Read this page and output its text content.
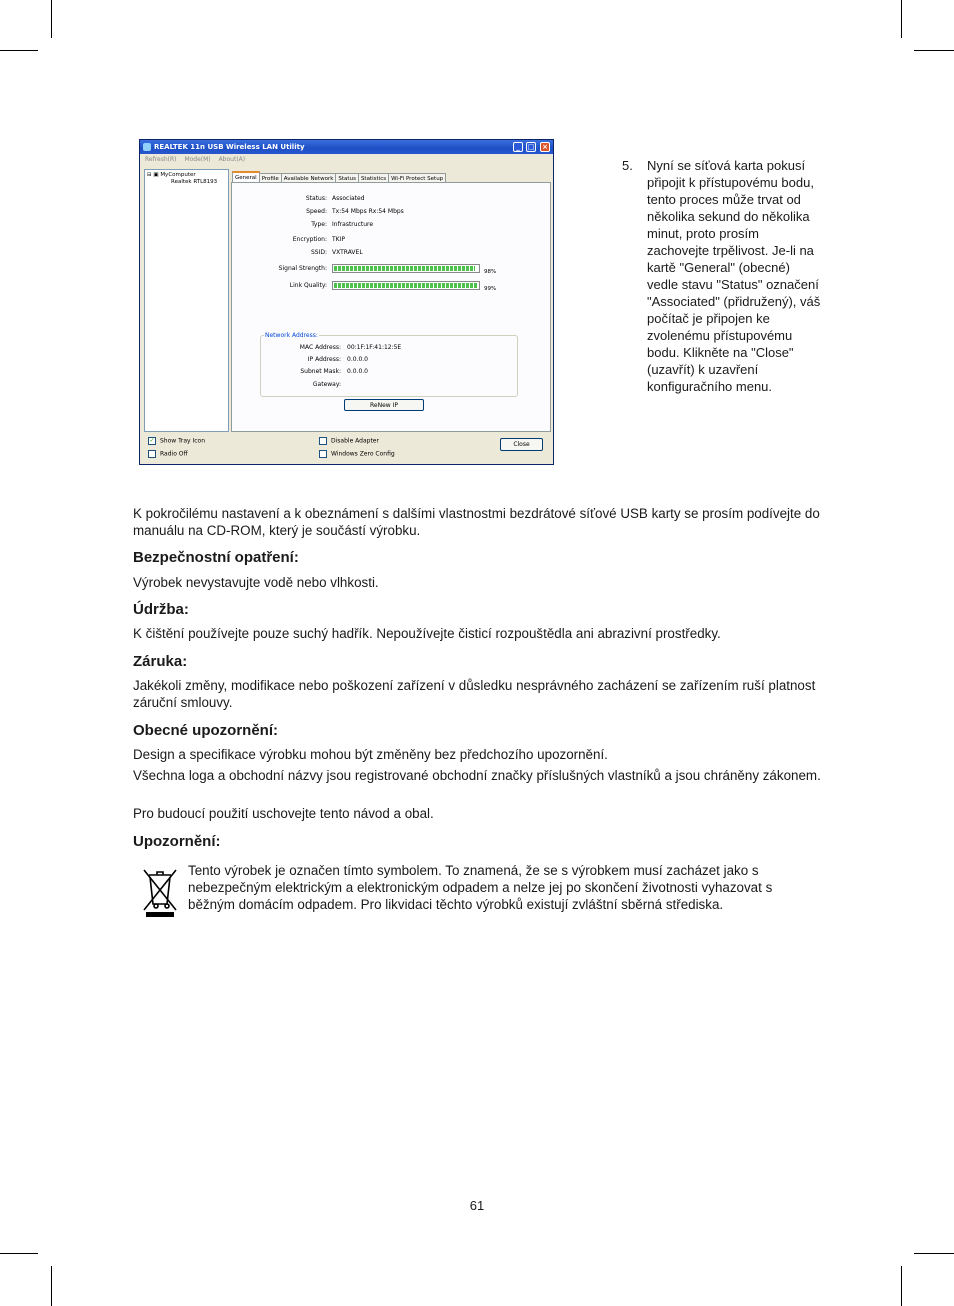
REALTEK 11n USB Wireless LAN Utility	_	□ ×
Refresh(R) Mode(M) About(A)
⊟ ▣ MyComputer
Realtek RTL8193
General Profile Available Network Status Statistics Wi-Fi Protect Setup
Status: Associated
Speed: Tx:54 Mbps Rx:54 Mbps
Type: Infrastructure
Encryption: TKIP
SSID: VXTRAVEL
Signal Strength:	98%
Link Quality:	99%
Network Address:
MAC Address: 00:1F:1F:41:12:5E
IP Address: 0.0.0.0
Subnet Mask: 0.0.0.0
Gateway:
ReNew IP
✓ Show Tray Icon
Radio Off
Disable Adapter
Windows Zero Config
Close
5. Nyní se síťová karta pokusí připojit k přístupovému bodu, tento proces může trvat od několika sekund do několika minut, proto prosím zachovejte trpělivost. Je-li na kartě "General" (obecné) vedle stavu "Status" označení "Associated" (přidružený), váš počítač je připojen ke zvolenému přístupovému bodu. Klikněte na "Close" (uzavřít) k uzavření konfiguračního menu.
K pokročilému nastavení a k obeznámení s dalšími vlastnostmi bezdrátové síťové USB karty se prosím podívejte do manuálu na CD-ROM, který je součástí výrobku.
Bezpečnostní opatření:
Výrobek nevystavujte vodě nebo vlhkosti.
Údržba:
K čištění používejte pouze suchý hadřík. Nepoužívejte čisticí rozpouštědla ani abrazivní prostředky.
Záruka:
Jakékoli změny, modifikace nebo poškození zařízení v důsledku nesprávného zacházení se zařízením ruší platnost záruční smlouvy.
Obecné upozornění:
Design a specifikace výrobku mohou být změněny bez předchozího upozornění.
Všechna loga a obchodní názvy jsou registrované obchodní značky příslušných vlastníků a jsou chráněny zákonem.
Pro budoucí použití uschovejte tento návod a obal.
Upozornění:
Tento výrobek je označen tímto symbolem. To znamená, že se s výrobkem musí zacházet jako s nebezpečným elektrickým a elektronickým odpadem a nelze jej po skončení životnosti vyhazovat s běžným domácím odpadem. Pro likvidaci těchto výrobků existují zvláštní sběrná střediska.
61
